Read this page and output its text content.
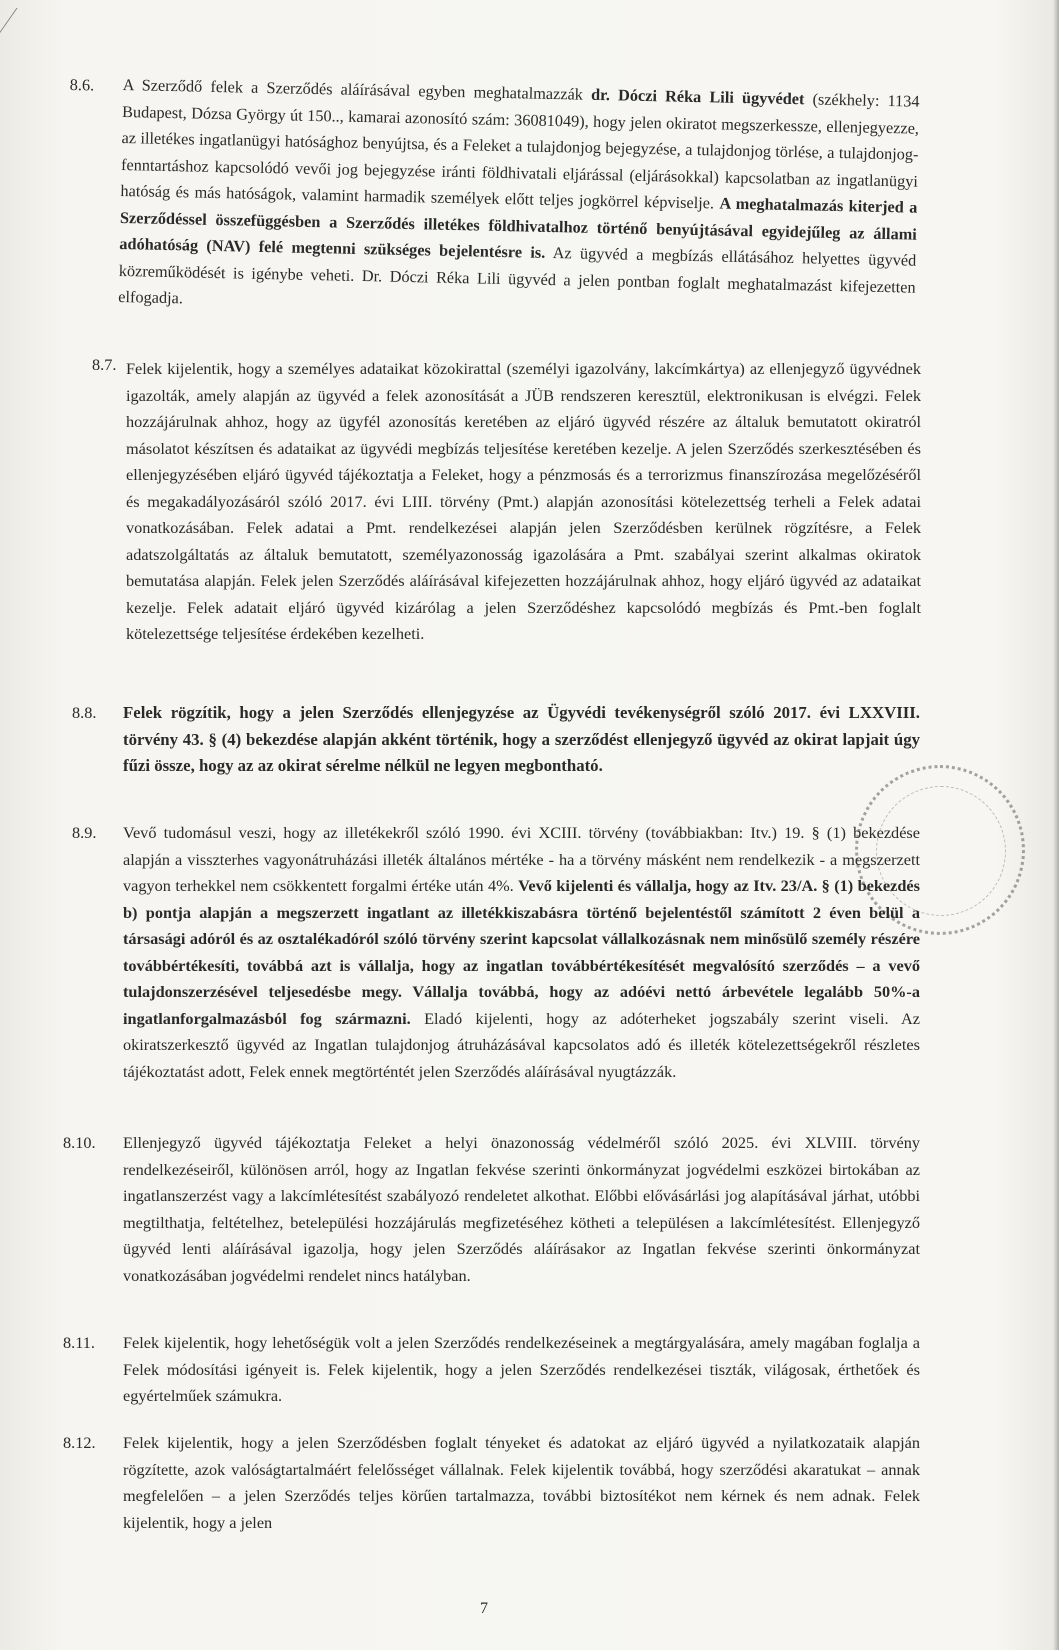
8.6. A Szerződő felek a Szerződés aláírásával egyben meghatalmazzák dr. Dóczi Réka Lili ügyvédet (székhely: 1134 Budapest, Dózsa György út 150.., kamarai azonosító szám: 36081049), hogy jelen okiratot megszerkessze, ellenjegyezze, az illetékes ingatlanügyi hatósághoz benyújtsa, és a Feleket a tulajdonjog bejegyzése, a tulajdonjog törlése, a tulajdonjog-fenntartáshoz kapcsolódó vevői jog bejegyzése iránti földhivatali eljárással (eljárásokkal) kapcsolatban az ingatlanügyi hatóság és más hatóságok, valamint harmadik személyek előtt teljes jogkörrel képviselje. A meghatalmazás kiterjed a Szerződéssel összefüggésben a Szerződés illetékes földhivatalhoz történő benyújtásával egyidejűleg az állami adóhatóság (NAV) felé megtenni szükséges bejelentésre is. Az ügyvéd a megbízás ellátásához helyettes ügyvéd közreműködését is igénybe veheti. Dr. Dóczi Réka Lili ügyvéd a jelen pontban foglalt meghatalmazást kifejezetten elfogadja.
8.7. Felek kijelentik, hogy a személyes adataikat közokirattal (személyi igazolvány, lakcímkártya) az ellenjegyző ügyvédnek igazolták, amely alapján az ügyvéd a felek azonosítását a JÜB rendszeren keresztül, elektronikusan is elvégzi. Felek hozzájárulnak ahhoz, hogy az ügyfél azonosítás keretében az eljáró ügyvéd részére az általuk bemutatott okiratról másolatot készítsen és adataikat az ügyvédi megbízás teljesítése keretében kezelje. A jelen Szerződés szerkesztésében és ellenjegyzésében eljáró ügyvéd tájékoztatja a Feleket, hogy a pénzmosás és a terrorizmus finanszírozása megelőzéséről és megakadályozásáról szóló 2017. évi LIII. törvény (Pmt.) alapján azonosítási kötelezettség terheli a Felek adatai vonatkozásában. Felek adatai a Pmt. rendelkezései alapján jelen Szerződésben kerülnek rögzítésre, a Felek adatszolgáltatás az általuk bemutatott, személyazonosság igazolására a Pmt. szabályai szerint alkalmas okiratok bemutatása alapján. Felek jelen Szerződés aláírásával kifejezetten hozzájárulnak ahhoz, hogy eljáró ügyvéd az adataikat kezelje. Felek adatait eljáró ügyvéd kizárólag a jelen Szerződéshez kapcsolódó megbízás és Pmt.-ben foglalt kötelezettsége teljesítése érdekében kezelheti.
8.8. Felek rögzítik, hogy a jelen Szerződés ellenjegyzése az Ügyvédi tevékenységről szóló 2017. évi LXXVIII. törvény 43. § (4) bekezdése alapján akként történik, hogy a szerződést ellenjegyző ügyvéd az okirat lapjait úgy fűzi össze, hogy az az okirat sérelme nélkül ne legyen megbontható.
8.9. Vevő tudomásul veszi, hogy az illetékekről szóló 1990. évi XCIII. törvény (továbbiakban: Itv.) 19. § (1) bekezdése alapján a visszterhes vagyonátruházási illeték általános mértéke - ha a törvény másként nem rendelkezik - a megszerzett vagyon terhekkel nem csökkentett forgalmi értéke után 4%. Vevő kijelenti és vállalja, hogy az Itv. 23/A. § (1) bekezdés b) pontja alapján a megszerzett ingatlant az illetékkiszabásra történő bejelentéstől számított 2 éven belül a társasági adóról és az osztalékadóról szóló törvény szerint kapcsolat vállalkozásnak nem minősülő személy részére továbbértékesíti, továbbá azt is vállalja, hogy az ingatlan továbbértékesítését megvalósító szerződés – a vevő tulajdonszerzésével teljesedésbe megy. Vállalja továbbá, hogy az adóévi nettó árbevétele legalább 50%-a ingatlanforgalmazásból fog származni. Eladó kijelenti, hogy az adóterheket jogszabály szerint viseli. Az okiratszerkesztő ügyvéd az Ingatlan tulajdonjog átruházásával kapcsolatos adó és illeték kötelezettségekről részletes tájékoztatást adott, Felek ennek megtörténtét jelen Szerződés aláírásával nyugtázzák.
8.10. Ellenjegyző ügyvéd tájékoztatja Feleket a helyi önazonosság védelméről szóló 2025. évi XLVIII. törvény rendelkezéseiről, különösen arról, hogy az Ingatlan fekvése szerinti önkormányzat jogvédelmi eszközei birtokában az ingatlanszerzést vagy a lakcímlétesítést szabályozó rendeletet alkothat. Előbbi elővásárlási jog alapításával járhat, utóbbi megtilthatja, feltételhez, betelepülési hozzájárulás megfizetéséhez kötheti a településen a lakcímlétesítést. Ellenjegyző ügyvéd lenti aláírásával igazolja, hogy jelen Szerződés aláírásakor az Ingatlan fekvése szerinti önkormányzat vonatkozásában jogvédelmi rendelet nincs hatályban.
8.11. Felek kijelentik, hogy lehetőségük volt a jelen Szerződés rendelkezéseinek a megtárgyalására, amely magában foglalja a Felek módosítási igényeit is. Felek kijelentik, hogy a jelen Szerződés rendelkezései tiszták, világosak, érthetőek és egyértelműek számukra.
8.12. Felek kijelentik, hogy a jelen Szerződésben foglalt tényeket és adatokat az eljáró ügyvéd a nyilatkozataik alapján rögzítette, azok valóságtartalmáért felelősséget vállalnak. Felek kijelentik továbbá, hogy szerződési akaratukat – annak megfelelően – a jelen Szerződés teljes körűen tartalmazza, további biztosítékot nem kérnek és nem adnak. Felek kijelentik, hogy a jelen
7
